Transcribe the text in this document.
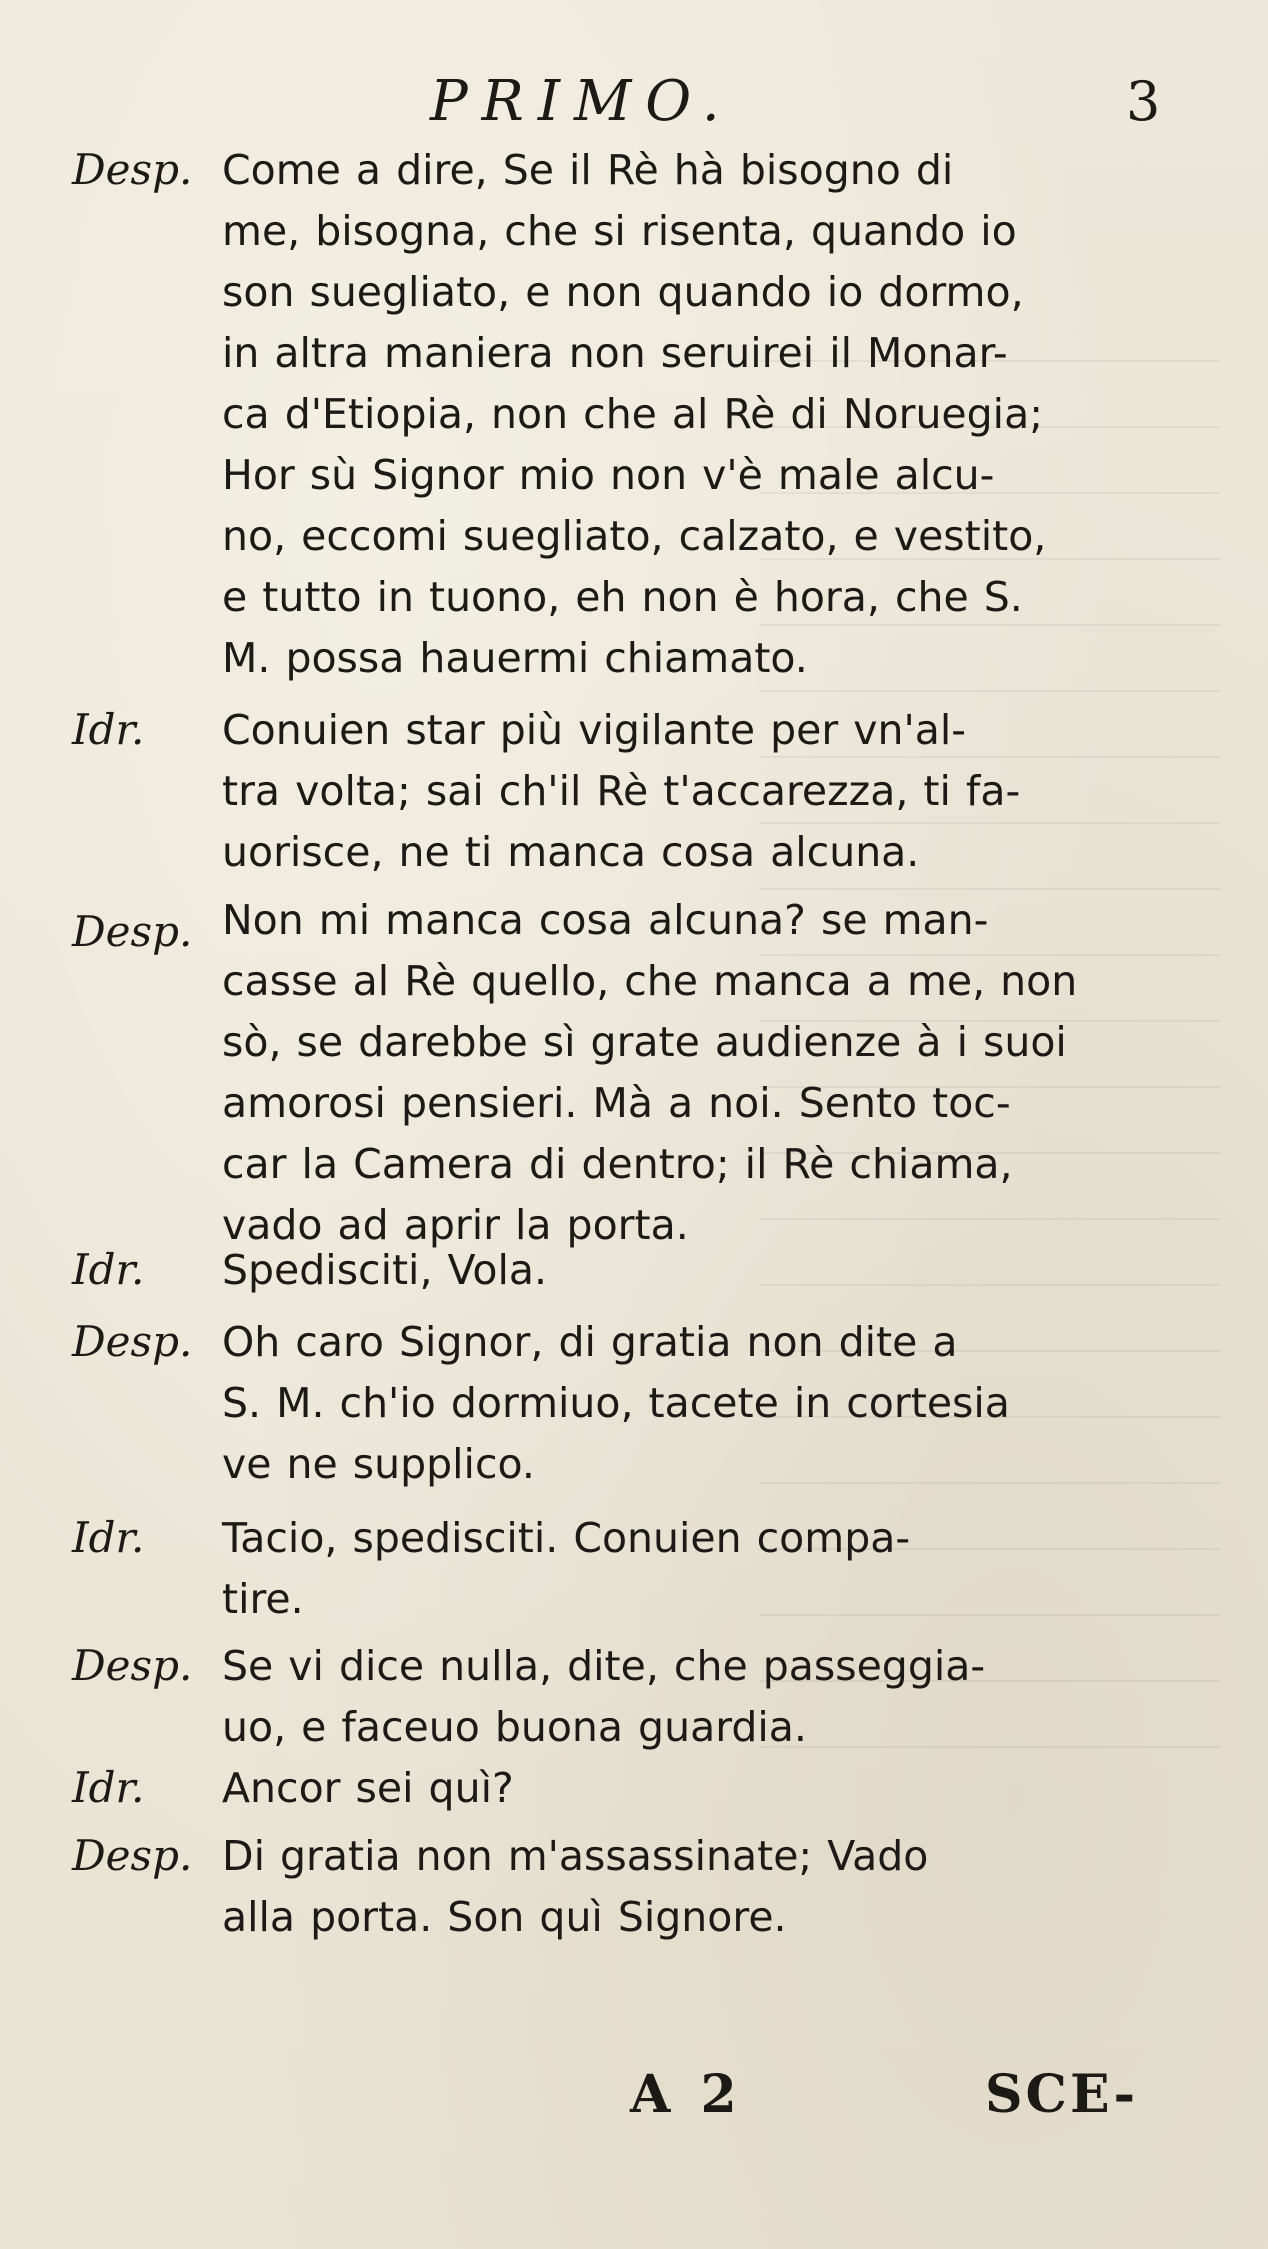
PRIMO.	3
Desp. Come a dire, Se il Rè hà bisogno di
me, bisogna, che si risenta, quando io
son suegliato, e non quando io dormo,
in altra maniera non seruirei il Monar-
ca d'Etiopia, non che al Rè di Noruegia;
Hor sù Signor mio non v'è male alcu-
no, eccomi suegliato, calzato, e vestito,
e tutto in tuono, eh non è hora, che S.
M. possa hauermi chiamato.
Idr. Conuien star più vigilante per vn'al-
tra volta; sai ch'il Rè t'accarezza, ti fa-
uorisce, ne ti manca cosa alcuna.
Desp. Non mi manca cosa alcuna? se man-
casse al Rè quello, che manca a me, non
sò, se darebbe sì grate audienze à i suoi
amorosi pensieri. Mà a noi. Sento toc-
car la Camera di dentro; il Rè chiama,
vado ad aprir la porta.
Idr. Spedisciti, Vola.
Desp. Oh caro Signor, di gratia non dite a
S. M. ch'io dormiuo, tacete in cortesia
ve ne supplico.
Idr. Tacio, spedisciti. Conuien compa-
tire.
Desp. Se vi dice nulla, dite, che passeggia-
uo, e faceuo buona guardia.
Idr. Ancor sei quì?
Desp. Di gratia non m'assassinate; Vado
alla porta. Son quì Signore.
A 2	SCE-
